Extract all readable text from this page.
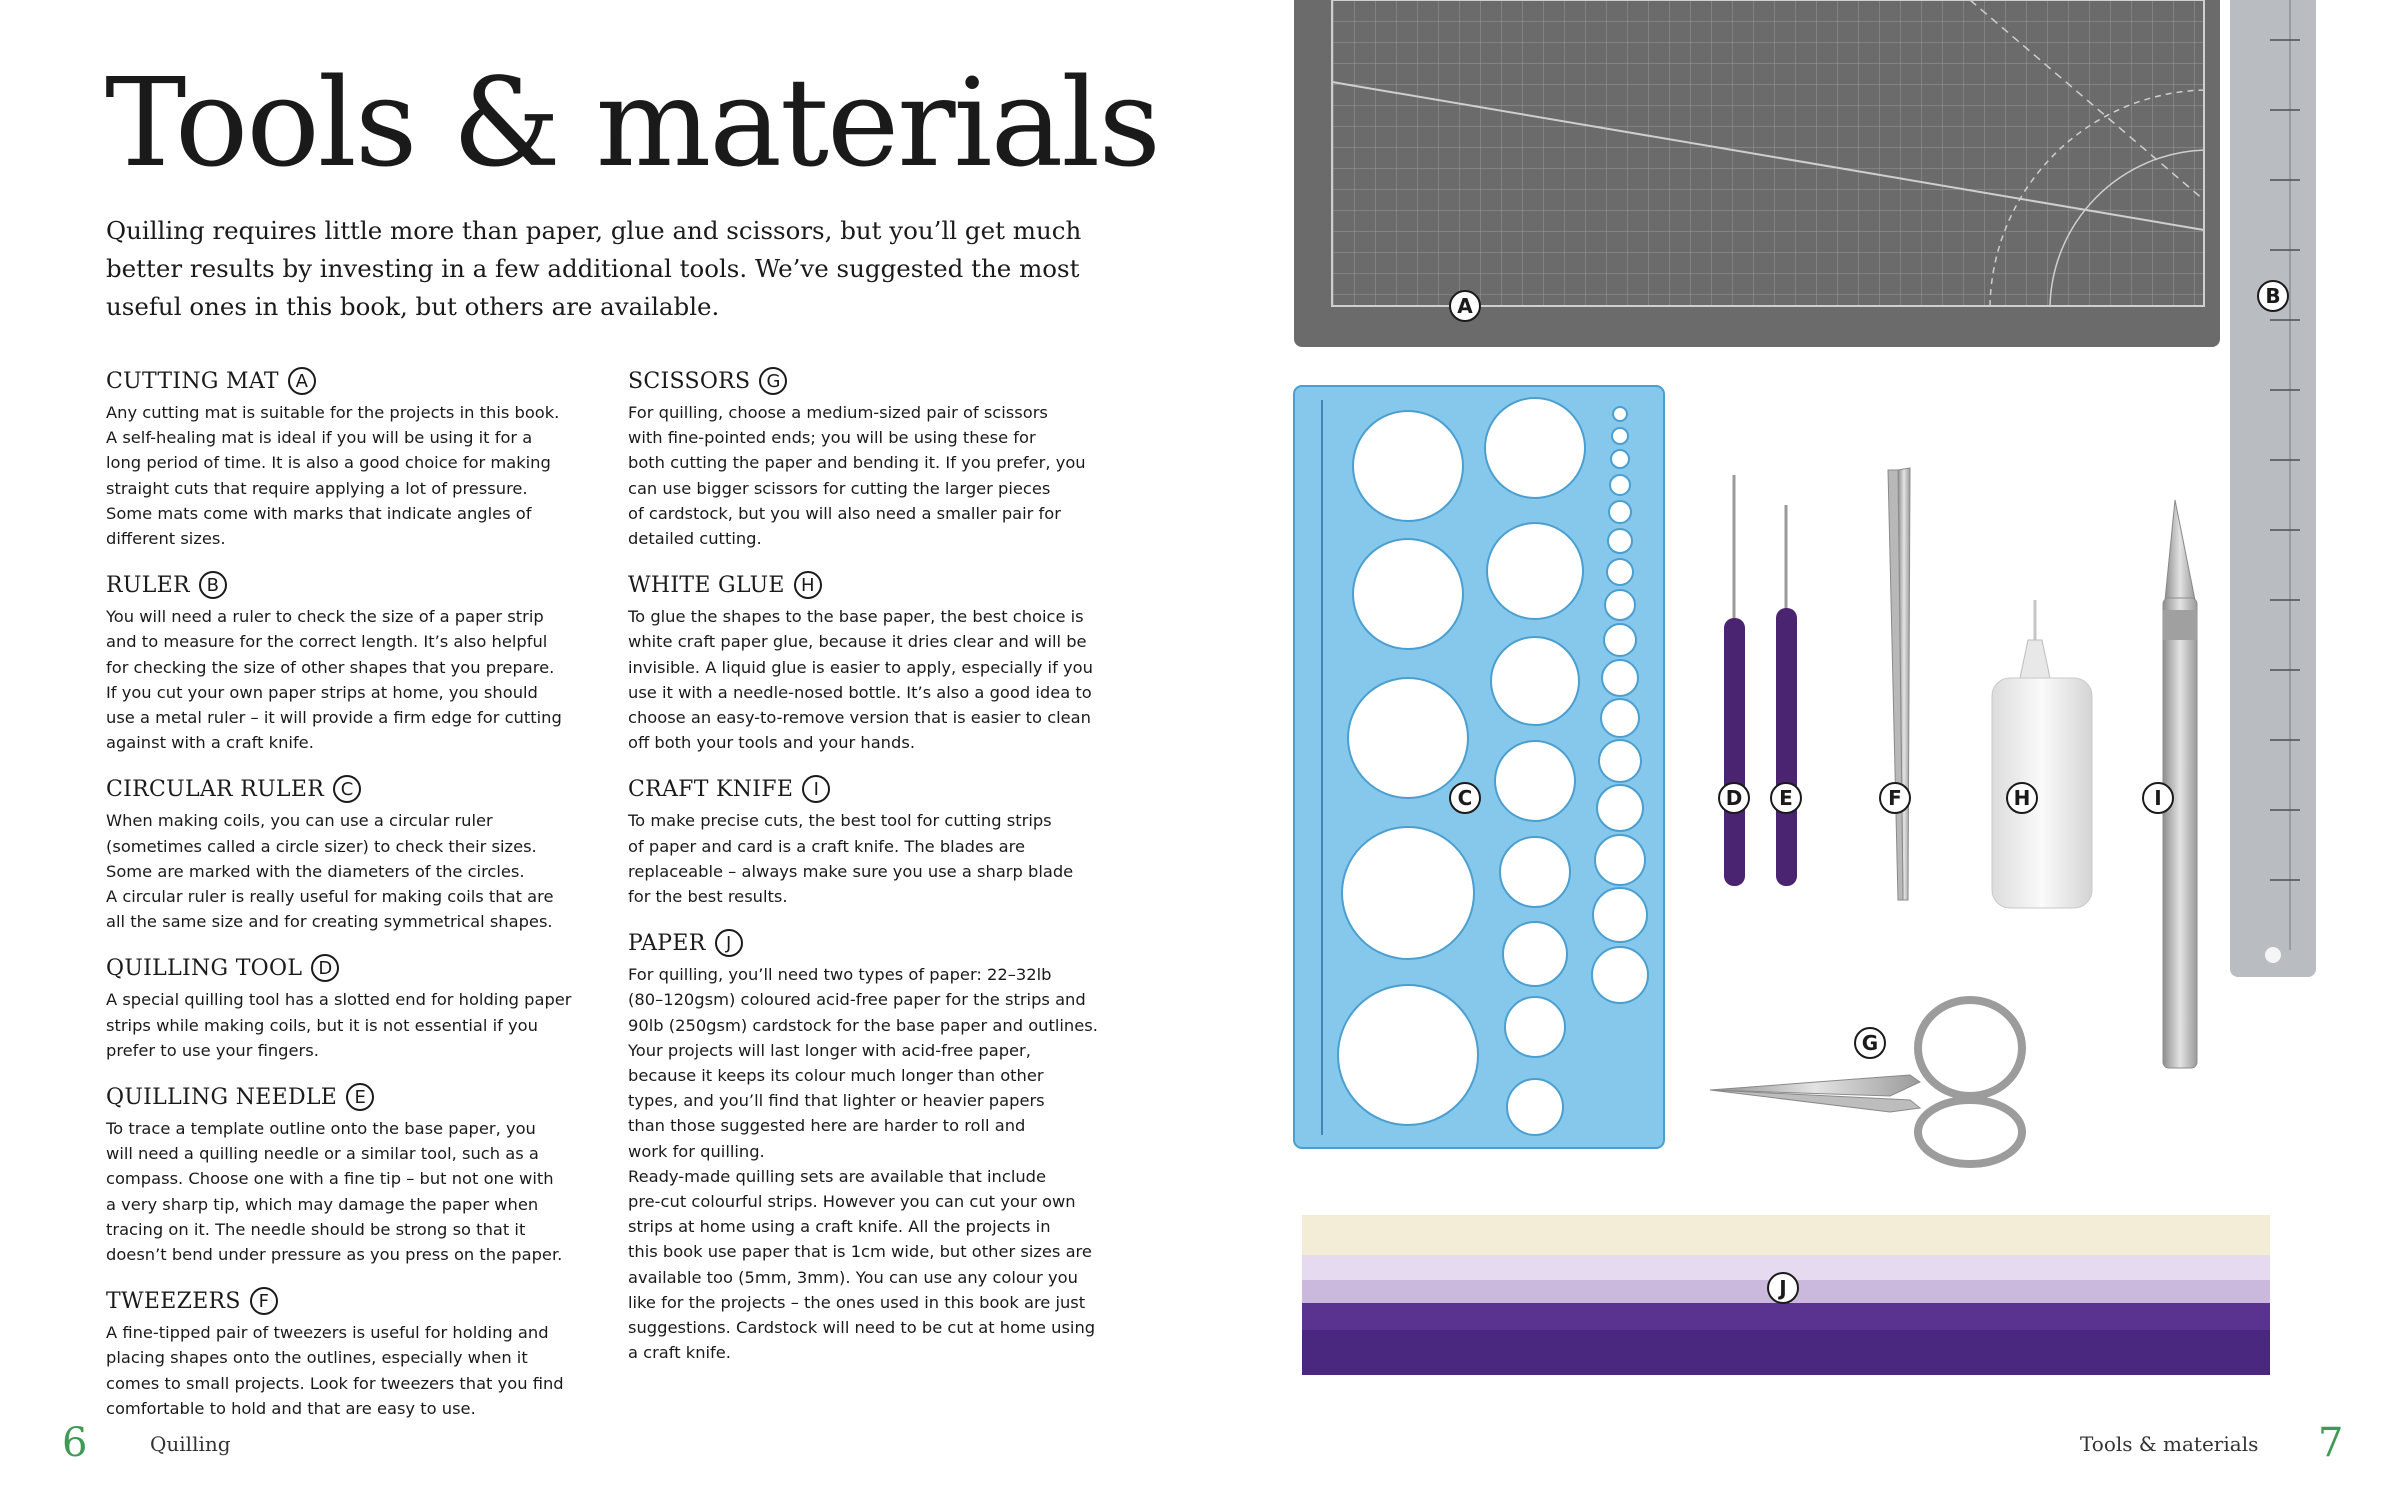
Tools & materials

Quilling requires little more than paper, glue and scissors, but you’ll get much better results by investing in a few additional tools. We’ve suggested the most useful ones in this book, but others are available.

CUTTING MAT A

Any cutting mat is suitable for the projects in this book.
A self-healing mat is ideal if you will be using it for a
long period of time. It is also a good choice for making
straight cuts that require applying a lot of pressure.
Some mats come with marks that indicate angles of
different sizes.

RULER B

You will need a ruler to check the size of a paper strip
and to measure for the correct length. It’s also helpful
for checking the size of other shapes that you prepare.
If you cut your own paper strips at home, you should
use a metal ruler – it will provide a firm edge for cutting
against with a craft knife.

CIRCULAR RULER C

When making coils, you can use a circular ruler
(sometimes called a circle sizer) to check their sizes.
Some are marked with the diameters of the circles.
A circular ruler is really useful for making coils that are
all the same size and for creating symmetrical shapes.

QUILLING TOOL D

A special quilling tool has a slotted end for holding paper
strips while making coils, but it is not essential if you
prefer to use your fingers.

QUILLING NEEDLE E

To trace a template outline onto the base paper, you
will need a quilling needle or a similar tool, such as a
compass. Choose one with a fine tip – but not one with
a very sharp tip, which may damage the paper when
tracing on it. The needle should be strong so that it
doesn’t bend under pressure as you press on the paper.

TWEEZERS F

A fine-tipped pair of tweezers is useful for holding and
placing shapes onto the outlines, especially when it
comes to small projects. Look for tweezers that you find
comfortable to hold and that are easy to use.

SCISSORS G

For quilling, choose a medium-sized pair of scissors
with fine-pointed ends; you will be using these for
both cutting the paper and bending it. If you prefer, you
can use bigger scissors for cutting the larger pieces
of cardstock, but you will also need a smaller pair for
detailed cutting.

WHITE GLUE H

To glue the shapes to the base paper, the best choice is
white craft paper glue, because it dries clear and will be
invisible. A liquid glue is easier to apply, especially if you
use it with a needle-nosed bottle. It’s also a good idea to
choose an easy-to-remove version that is easier to clean
off both your tools and your hands.

CRAFT KNIFE	I

To make precise cuts, the best tool for cutting strips
of paper and card is a craft knife. The blades are
replaceable – always make sure you use a sharp blade
for the best results.

PAPER	J

For quilling, you’ll need two types of paper: 22–32lb
(80–120gsm) coloured acid-free paper for the strips and
90lb (250gsm) cardstock for the base paper and outlines.
Your projects will last longer with acid-free paper,
because it keeps its colour much longer than other
types, and you’ll find that lighter or heavier papers
than those suggested here are harder to roll and
work for quilling.
Ready-made quilling sets are available that include
pre-cut colourful strips. However you can cut your own
strips at home using a craft knife. All the projects in
this book use paper that is 1cm wide, but other sizes are
available too (5mm, 3mm). You can use any colour you
like for the projects – the ones used in this book are just
suggestions. Cardstock will need to be cut at home using
a craft knife.

6	Quilling	Tools & materials 7
A	B
C	D E	F
G
H	I
J
